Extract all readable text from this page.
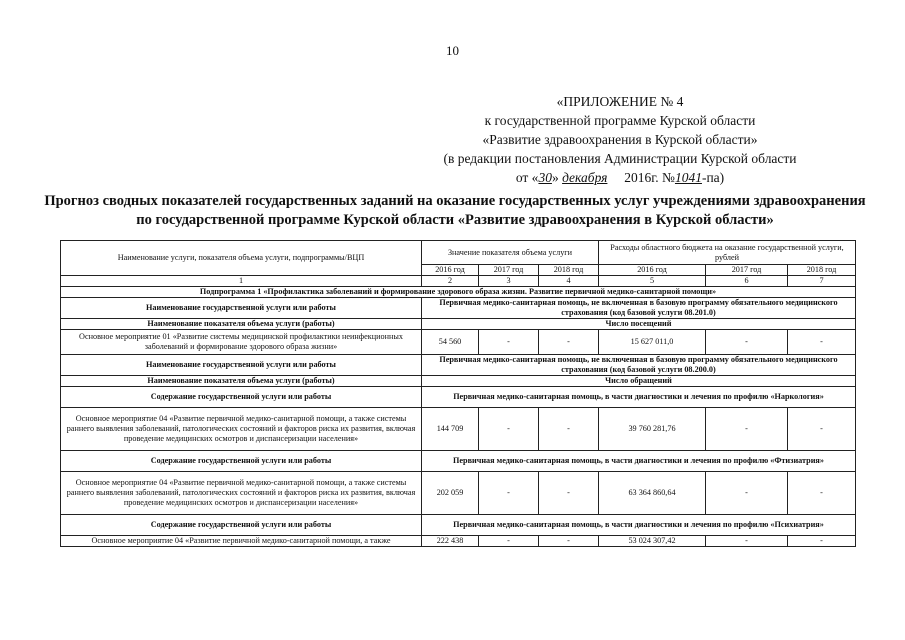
10
«ПРИЛОЖЕНИЕ № 4
к государственной программе Курской области
«Развитие здравоохранения в Курской области»
(в редакции постановления Администрации Курской области
от «30» декабря 2016г. №1041-па)
Прогноз сводных показателей государственных заданий на оказание государственных услуг учреждениями здравоохранения по государственной программе Курской области «Развитие здравоохранения в Курской области»
Наименование услуги, показателя объема услуги, подпрограммы/ВЦП	Значение показателя объема услуги			Расходы областного бюджета на оказание государственной услуги, рублей		
	2016 год	2017 год	2018 год	2016 год	2017 год	2018 год
1	2	3	4	5	6	7
Подпрограмма 1 «Профилактика заболеваний и формирование здорового образа жизни. Развитие первичной медико-санитарной помощи»						
Наименование государственной услуги или работы	Первичная медико-санитарная помощь, не включенная в базовую программу обязательного медицинского страхования (код базовой услуги 08.201.0)					
Наименование показателя объема услуги (работы)	Число посещений					
Основное мероприятие 01 «Развитие системы медицинской профилактики неинфекционных заболеваний и формирование здорового образа жизни»	54 560	-	-	15 627 011,0	-	-
Наименование государственной услуги или работы	Первичная медико-санитарная помощь, не включенная в базовую программу обязательного медицинского страхования (код базовой услуги 08.200.0)					
Наименование показателя объема услуги (работы)	Число обращений					
Содержание государственной услуги или работы	Первичная медико-санитарная помощь, в части диагностики и лечения по профилю «Наркология»					
Основное мероприятие 04 «Развитие первичной медико-санитарной помощи, а также системы раннего выявления заболеваний, патологических состояний и факторов риска их развития, включая проведение медицинских осмотров и диспансеризации населения»	144 709	-	-	39 760 281,76	-	-
Содержание государственной услуги или работы	Первичная медико-санитарная помощь, в части диагностики и лечения по профилю «Фтизиатрия»					
Основное мероприятие 04 «Развитие первичной медико-санитарной помощи, а также системы раннего выявления заболеваний, патологических состояний и факторов риска их развития, включая проведение медицинских осмотров и диспансеризации населения»	202 059	-	-	63 364 860,64	-	-
Содержание государственной услуги или работы	Первичная медико-санитарная помощь, в части диагностики и лечения по профилю «Психиатрия»					
Основное мероприятие 04 «Развитие первичной медико-санитарной помощи, а также	222 438	-	-	53 024 307,42	-	-
